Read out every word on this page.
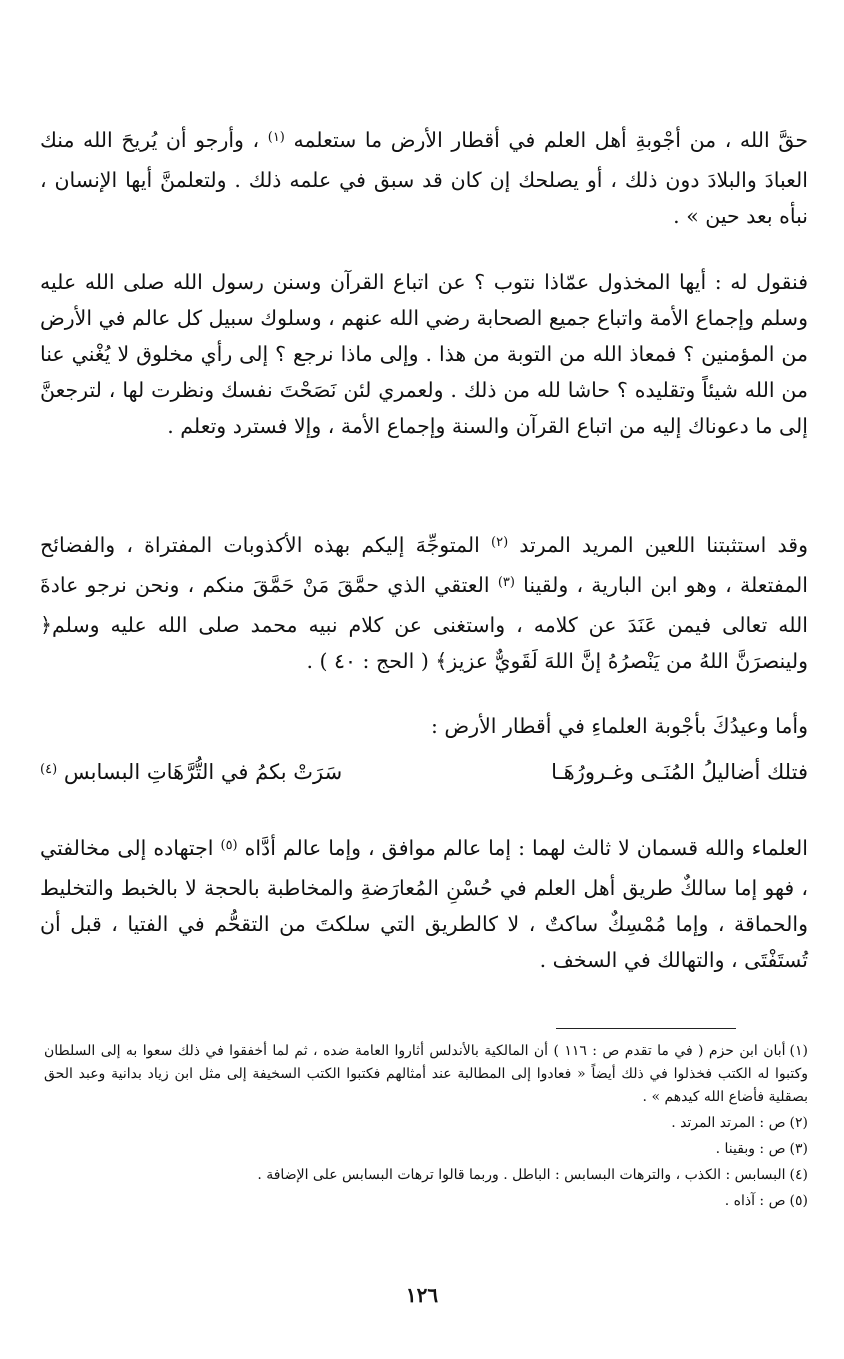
حقَّ الله ، من أجْوبةِ أهل العلم في أقطار الأرض ما ستعلمه $^{(١)}$ ، وأرجو أن يُريحَ الله منك العبادَ والبلادَ دون ذلك ، أو يصلحك إن كان قد سبق في علمه ذلك . ولتعلمنَّ أيها الإنسان ، نبأه بعد حين » .

فنقول له : أيها المخذول عمّاذا نتوب ؟ عن اتباع القرآن وسنن رسول الله صلى الله عليه وسلم وإجماع الأمة واتباع جميع الصحابة رضي الله عنهم ، وسلوك سبيل كل عالم في الأرض من المؤمنين ؟ فمعاذ الله من التوبة من هذا . وإلى ماذا نرجع ؟ إلى رأي مخلوق لا يُغْني عنا من الله شيئاً وتقليده ؟ حاشا لله من ذلك . ولعمري لئن نَصَحْتَ نفسك ونظرت لها ، لترجعنَّ إلى ما دعوناك إليه من اتباع القرآن والسنة وإجماع الأمة ، وإلا فسترد وتعلم .

وقد استثبتنا اللعين المريد المرتد $^{(٢)}$ المتوجِّهَ إليكم بهذه الأكذوبات المفتراة ، والفضائح المفتعلة ، وهو ابن البارية ، ولقينا $^{(٣)}$ العتقي الذي حمَّقَ مَنْ حَمَّقَ منكم ، ونحن نرجو عادةَ الله تعالى فيمن عَنَدَ عن كلامه ، واستغنى عن كلام نبيه محمد صلى الله عليه وسلم﴿ ولينصرَنَّ اللهُ من يَنْصرُهُ إنَّ اللهَ لَقَويٌّ عزيز﴾ ( الحج : ٤٠ ) .

وأما وعيدُكَ بأجْوبة العلماءِ في أقطار الأرض :

فتلك أضاليلُ المُنَـى وغـرورُهَـا
سَرَتْ بكمُ في التُّرَّهَاتِ البسابس $^{(٤)}$

العلماء والله قسمان لا ثالث لهما : إما عالم موافق ، وإما عالم أدَّاه $^{(٥)}$ اجتهاده إلى مخالفتي ، فهو إما سالكٌ طريق أهل العلم في حُسْنِ المُعارَضةِ والمخاطبة بالحجة لا بالخبط والتخليط والحماقة ، وإما مُمْسِكٌ ساكتٌ ، لا كالطريق التي سلكتَ من التقحُّم في الفتيا ، قبل أن تُستَفْتَى ، والتهالك في السخف .

(١)أبان ابن حزم ( في ما تقدم ص : ١١٦ ) أن المالكية بالأندلس أثاروا العامة ضده ، ثم لما أخفقوا في ذلك سعوا به إلى السلطان وكتبوا له الكتب فخذلوا في ذلك أيضاً « فعادوا إلى المطالبة عند أمثالهم فكتبوا الكتب السخيفة إلى مثل ابن زياد بدانية وعبد الحق بصقلية فأضاع الله كيدهم » .

(٢)ص : المرتد المرتد .

(٣)ص : وبقينا .

(٤)البسابس : الكذب ، والترهات البسابس : الباطل . وربما قالوا ترهات البسابس على الإضافة .

(٥)ص : آذاه .

١٢٦
